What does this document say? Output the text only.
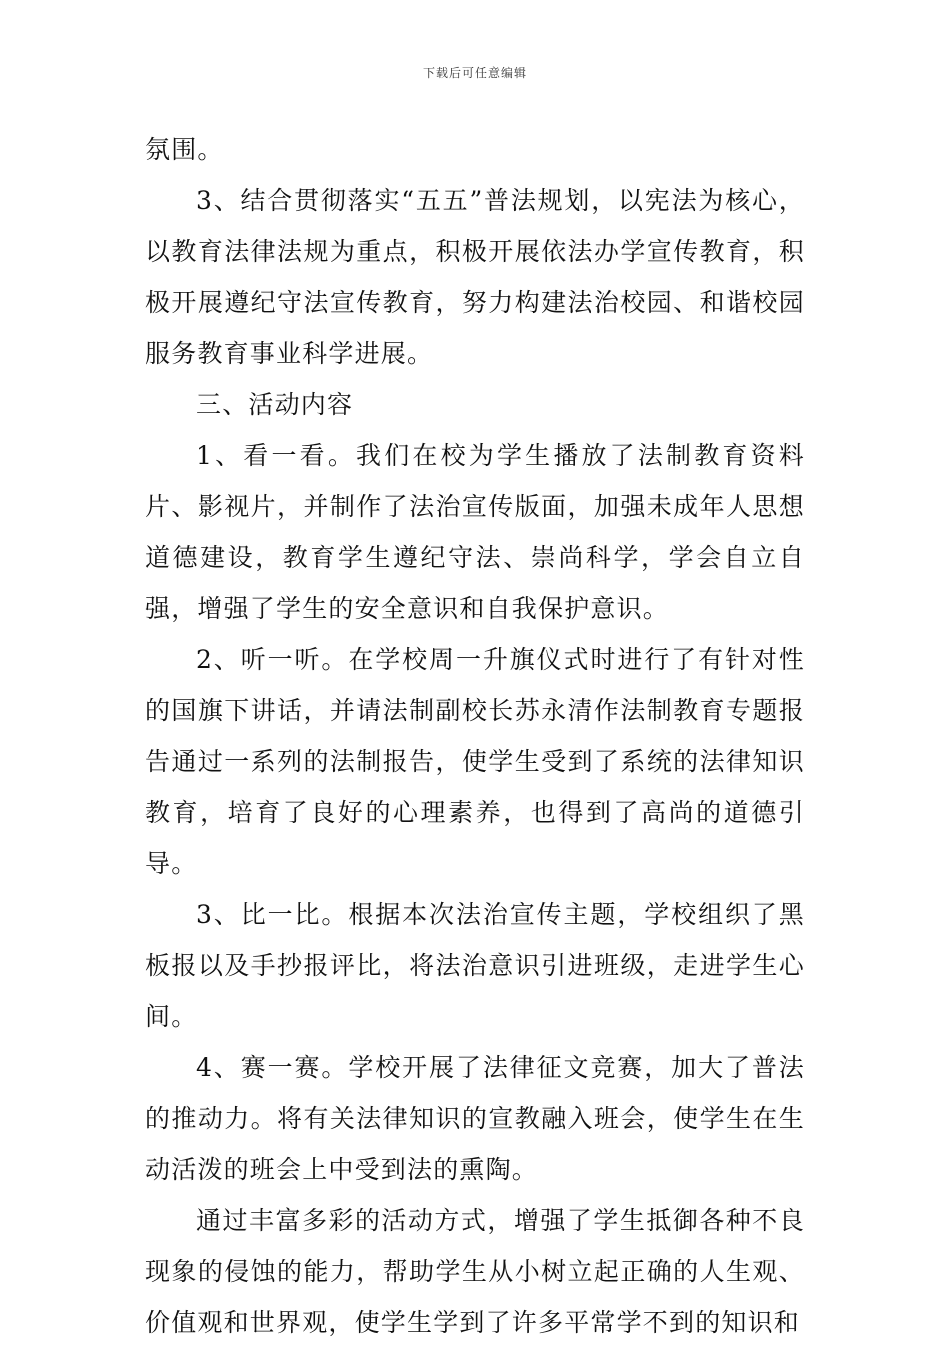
下载后可任意编辑

氛围。

3、结合贯彻落实“五五”普法规划，以宪法为核心，以教育法律法规为重点，积极开展依法办学宣传教育，积极开展遵纪守法宣传教育，努力构建法治校园、和谐校园服务教育事业科学进展。

三、活动内容

1、看一看。我们在校为学生播放了法制教育资料片、影视片，并制作了法治宣传版面，加强未成年人思想道德建设，教育学生遵纪守法、崇尚科学，学会自立自强，增强了学生的安全意识和自我保护意识。

2、听一听。在学校周一升旗仪式时进行了有针对性的国旗下讲话，并请法制副校长苏永清作法制教育专题报告通过一系列的法制报告，使学生受到了系统的法律知识教育，培育了良好的心理素养，也得到了高尚的道德引导。

3、比一比。根据本次法治宣传主题，学校组织了黑板报以及手抄报评比，将法治意识引进班级，走进学生心间。

4、赛一赛。学校开展了法律征文竞赛，加大了普法的推动力。将有关法律知识的宣教融入班会，使学生在生动活泼的班会上中受到法的熏陶。

通过丰富多彩的活动方式，增强了学生抵御各种不良现象的侵蚀的能力，帮助学生从小树立起正确的人生观、价值观和世界观，使学生学到了许多平常学不到的知识和
